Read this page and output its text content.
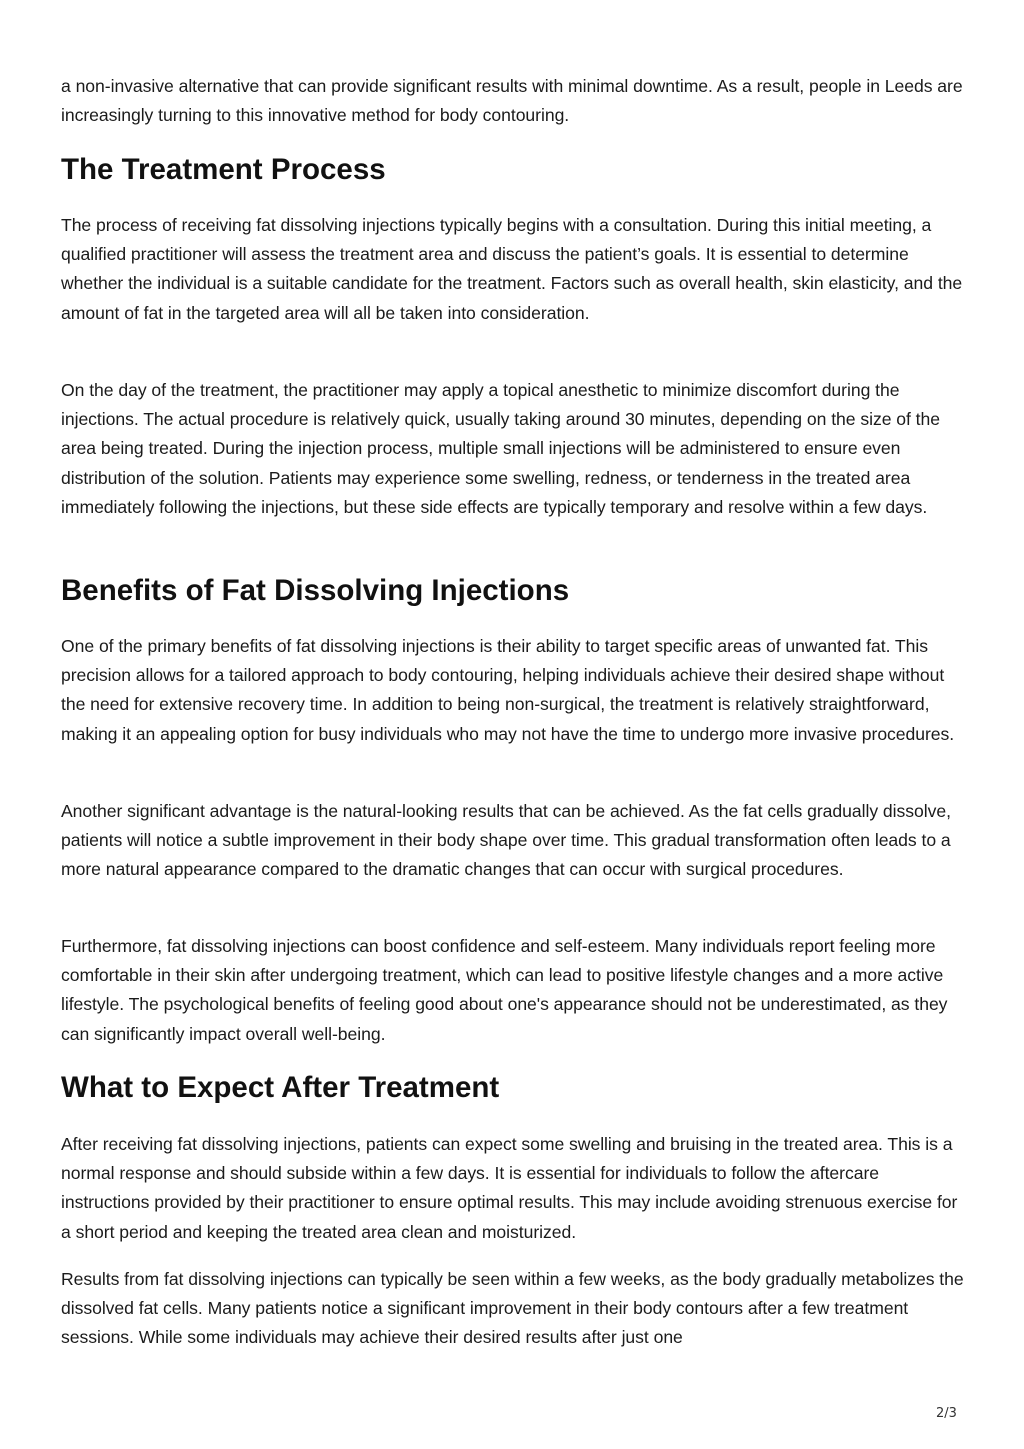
a non-invasive alternative that can provide significant results with minimal downtime. As a result, people in Leeds are increasingly turning to this innovative method for body contouring.

The Treatment Process

The process of receiving fat dissolving injections typically begins with a consultation. During this initial meeting, a qualified practitioner will assess the treatment area and discuss the patient’s goals. It is essential to determine whether the individual is a suitable candidate for the treatment. Factors such as overall health, skin elasticity, and the amount of fat in the targeted area will all be taken into consideration.

On the day of the treatment, the practitioner may apply a topical anesthetic to minimize discomfort during the injections. The actual procedure is relatively quick, usually taking around 30 minutes, depending on the size of the area being treated. During the injection process, multiple small injections will be administered to ensure even distribution of the solution. Patients may experience some swelling, redness, or tenderness in the treated area immediately following the injections, but these side effects are typically temporary and resolve within a few days.

Benefits of Fat Dissolving Injections

One of the primary benefits of fat dissolving injections is their ability to target specific areas of unwanted fat. This precision allows for a tailored approach to body contouring, helping individuals achieve their desired shape without the need for extensive recovery time. In addition to being non-surgical, the treatment is relatively straightforward, making it an appealing option for busy individuals who may not have the time to undergo more invasive procedures.

Another significant advantage is the natural-looking results that can be achieved. As the fat cells gradually dissolve, patients will notice a subtle improvement in their body shape over time. This gradual transformation often leads to a more natural appearance compared to the dramatic changes that can occur with surgical procedures.

Furthermore, fat dissolving injections can boost confidence and self-esteem. Many individuals report feeling more comfortable in their skin after undergoing treatment, which can lead to positive lifestyle changes and a more active lifestyle. The psychological benefits of feeling good about one's appearance should not be underestimated, as they can significantly impact overall well-being.

What to Expect After Treatment

After receiving fat dissolving injections, patients can expect some swelling and bruising in the treated area. This is a normal response and should subside within a few days. It is essential for individuals to follow the aftercare instructions provided by their practitioner to ensure optimal results. This may include avoiding strenuous exercise for a short period and keeping the treated area clean and moisturized.

Results from fat dissolving injections can typically be seen within a few weeks, as the body gradually metabolizes the dissolved fat cells. Many patients notice a significant improvement in their body contours after a few treatment sessions. While some individuals may achieve their desired results after just one

2/3
